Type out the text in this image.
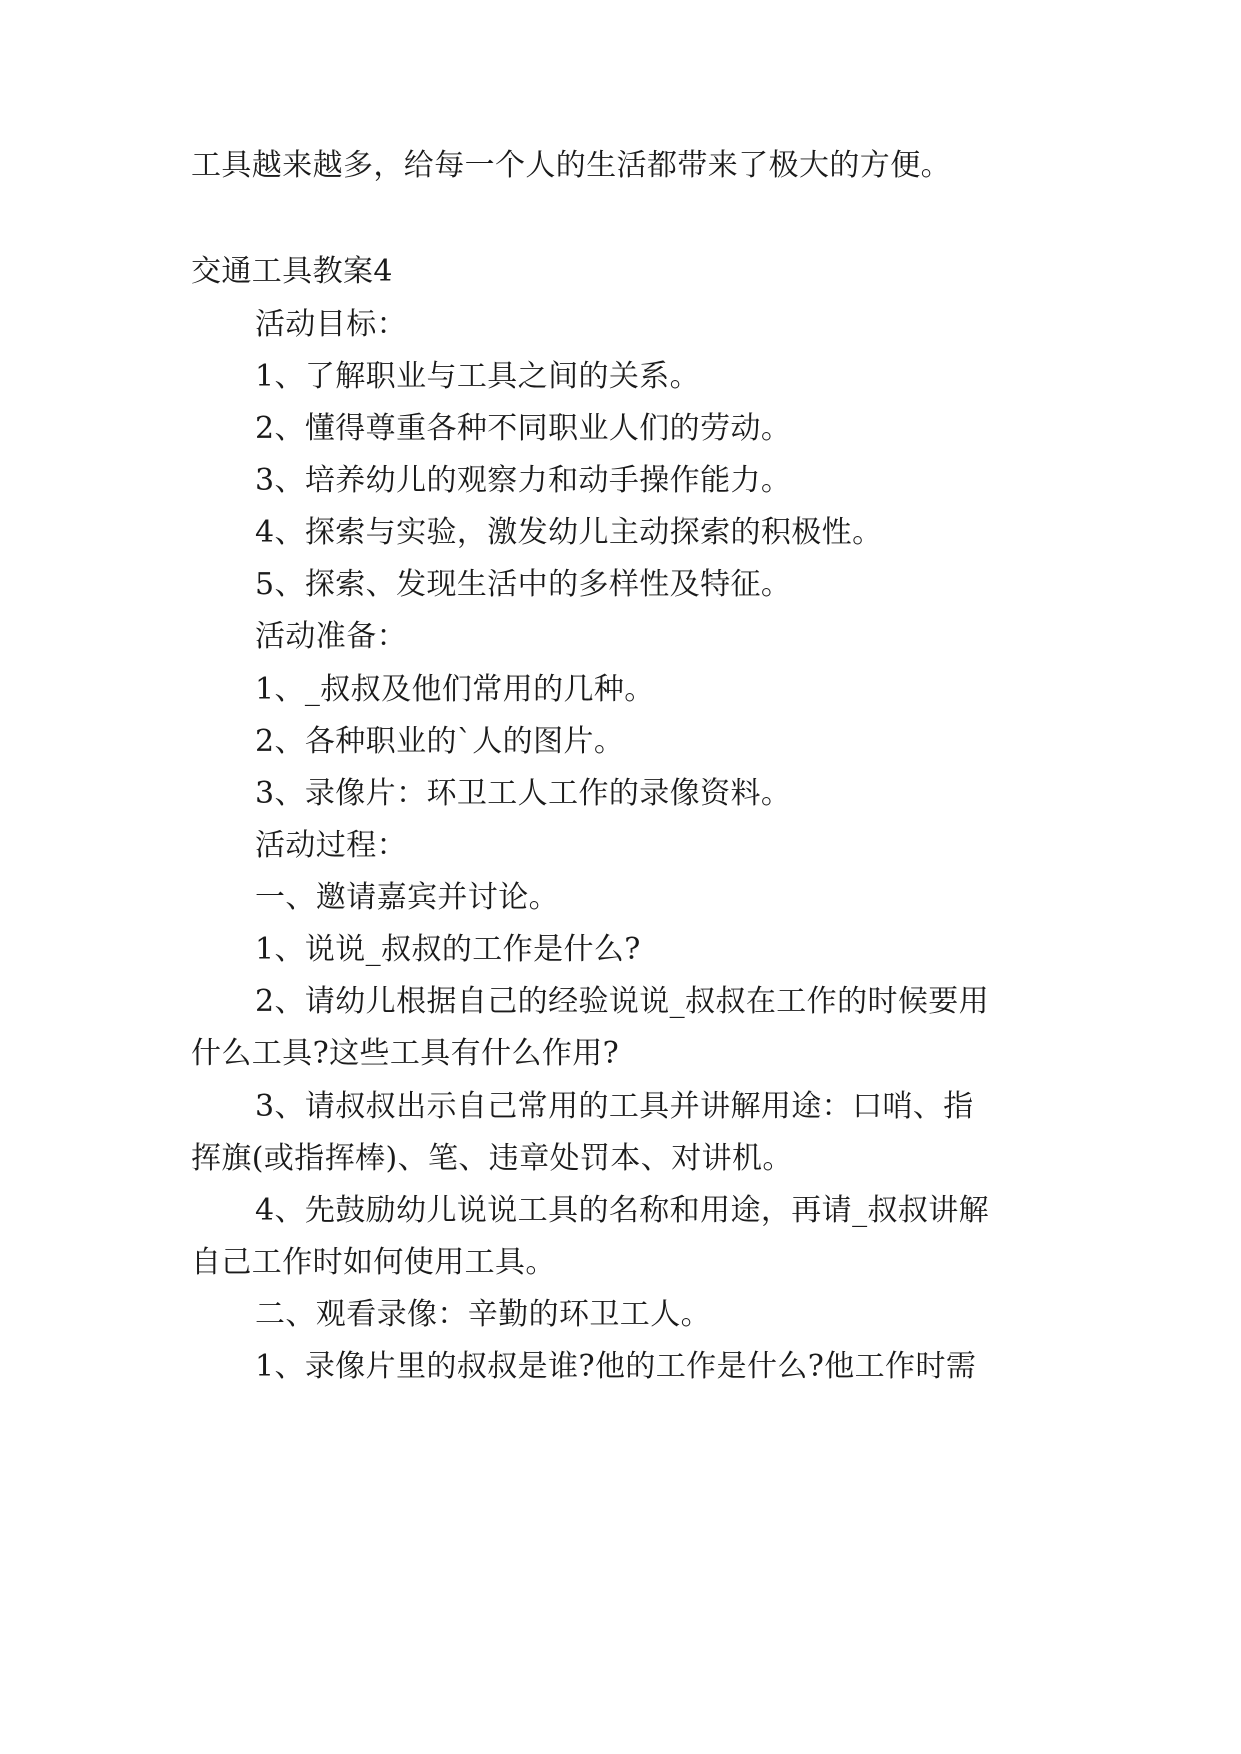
工具越来越多，给每一个人的生活都带来了极大的方便。
交通工具教案4
活动目标：
1、了解职业与工具之间的关系。
2、懂得尊重各种不同职业人们的劳动。
3、培养幼儿的观察力和动手操作能力。
4、探索与实验，激发幼儿主动探索的积极性。
5、探索、发现生活中的多样性及特征。
活动准备：
1、_叔叔及他们常用的几种。
2、各种职业的`人的图片。
3、录像片：环卫工人工作的录像资料。
活动过程：
一、邀请嘉宾并讨论。
1、说说_叔叔的工作是什么?
2、请幼儿根据自己的经验说说_叔叔在工作的时候要用
什么工具?这些工具有什么作用?
3、请叔叔出示自己常用的工具并讲解用途：口哨、指
挥旗(或指挥棒)、笔、违章处罚本、对讲机。
4、先鼓励幼儿说说工具的名称和用途，再请_叔叔讲解
自己工作时如何使用工具。
二、观看录像：辛勤的环卫工人。
1、录像片里的叔叔是谁?他的工作是什么?他工作时需
